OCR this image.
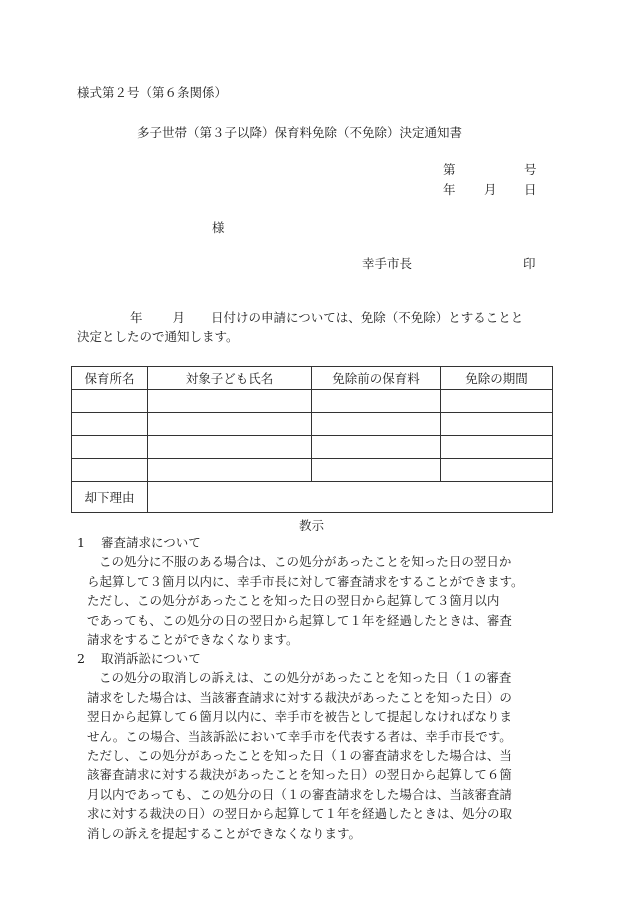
様式第２号（第６条関係）
多子世帯（第３子以降）保育料免除（不免除）決定通知書
第	号
年 月 日
様
幸手市長	印
年 月 日付けの申請については、免除（不免除）とすることと
決定としたので通知します。
保育所名	対象子ども氏名	免除前の保育料	免除の期間

却下理由			
教示
1 審査請求について
この処分に不服のある場合は、この処分があったことを知った日の翌日か
ら起算して３箇月以内に、幸手市長に対して審査請求をすることができます。
ただし、この処分があったことを知った日の翌日から起算して３箇月以内
であっても、この処分の日の翌日から起算して１年を経過したときは、審査
請求をすることができなくなります。
2 取消訴訟について
この処分の取消しの訴えは、この処分があったことを知った日（１の審査
請求をした場合は、当該審査請求に対する裁決があったことを知った日）の
翌日から起算して６箇月以内に、幸手市を被告として提起しなければなりま
せん。この場合、当該訴訟において幸手市を代表する者は、幸手市長です。
ただし、この処分があったことを知った日（１の審査請求をした場合は、当
該審査請求に対する裁決があったことを知った日）の翌日から起算して６箇
月以内であっても、この処分の日（１の審査請求をした場合は、当該審査請
求に対する裁決の日）の翌日から起算して１年を経過したときは、処分の取
消しの訴えを提起することができなくなります。
